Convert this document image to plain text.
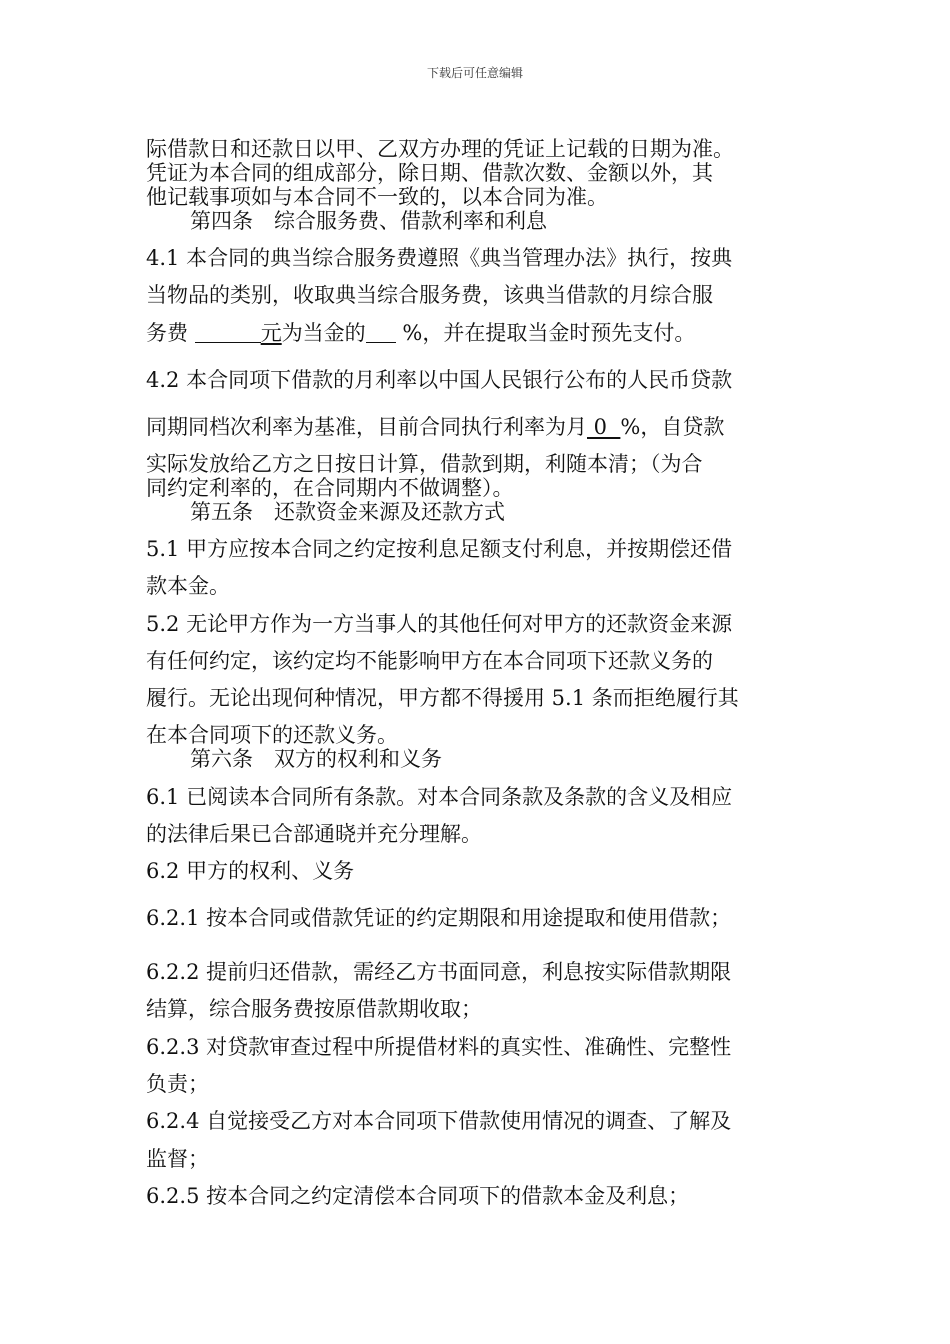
下载后可任意编辑
际借款日和还款日以甲、乙双方办理的凭证上记载的日期为准。
凭证为本合同的组成部分，除日期、借款次数、金额以外，其
他记载事项如与本合同不一致的，以本合同为准。
第四条　综合服务费、借款利率和利息
4.1 本合同的典当综合服务费遵照《典当管理办法》执行，按典
当物品的类别，收取典当综合服务费，该典当借款的月综合服
务费	元为当金的 %，并在提取当金时预先支付。
4.2 本合同项下借款的月利率以中国人民银行公布的人民币贷款
同期同档次利率为基准，目前合同执行利率为月 0  %，自贷款
实际发放给乙方之日按日计算，借款到期，利随本清；（为合
同约定利率的，在合同期内不做调整）。
第五条　还款资金来源及还款方式
5.1 甲方应按本合同之约定按利息足额支付利息，并按期偿还借
款本金。
5.2 无论甲方作为一方当事人的其他任何对甲方的还款资金来源
有任何约定，该约定均不能影响甲方在本合同项下还款义务的
履行。无论出现何种情况，甲方都不得援用 5.1 条而拒绝履行其
在本合同项下的还款义务。
第六条　双方的权利和义务
6.1 已阅读本合同所有条款。对本合同条款及条款的含义及相应
的法律后果已合部通晓并充分理解。
6.2 甲方的权利、义务
6.2.1 按本合同或借款凭证的约定期限和用途提取和使用借款；
6.2.2 提前归还借款，需经乙方书面同意，利息按实际借款期限
结算，综合服务费按原借款期收取；
6.2.3 对贷款审查过程中所提借材料的真实性、准确性、完整性
负责；
6.2.4 自觉接受乙方对本合同项下借款使用情况的调查、了解及
监督；
6.2.5 按本合同之约定清偿本合同项下的借款本金及利息；
